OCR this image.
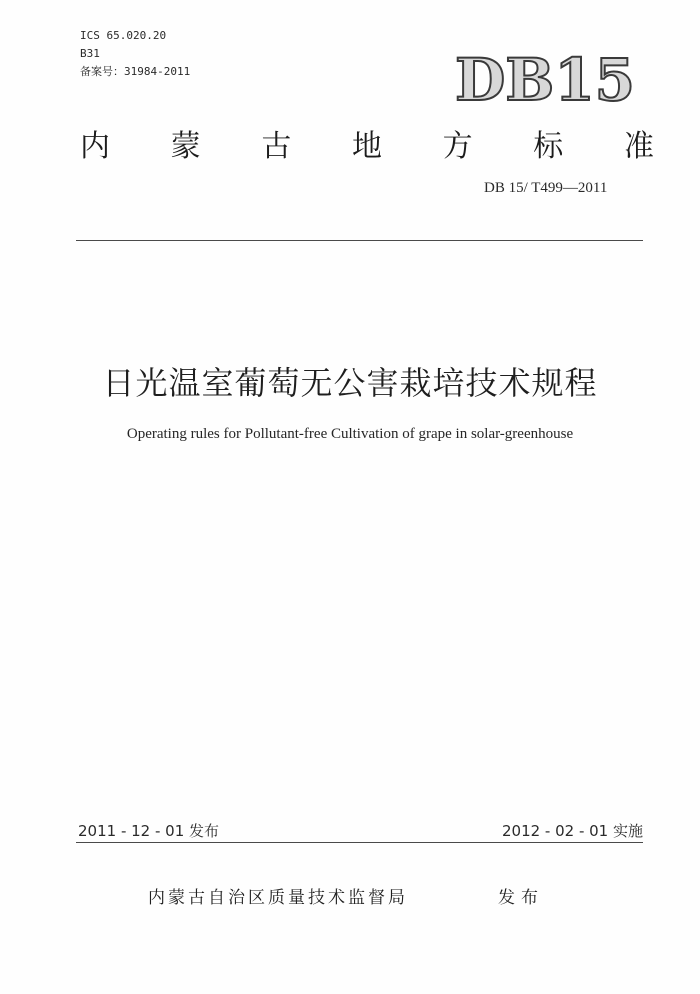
ICS 65.020.20
B31
备案号：31984-2011	DB15
内 蒙 古 地 方 标 准
DB 15/ T499—2011
日光温室葡萄无公害栽培技术规程
Operating rules for Pollutant-free Cultivation of grape in solar-greenhouse
2011 - 12 - 01 发布	2012 - 02 - 01 实施
内蒙古自治区质量技术监督局	发布
